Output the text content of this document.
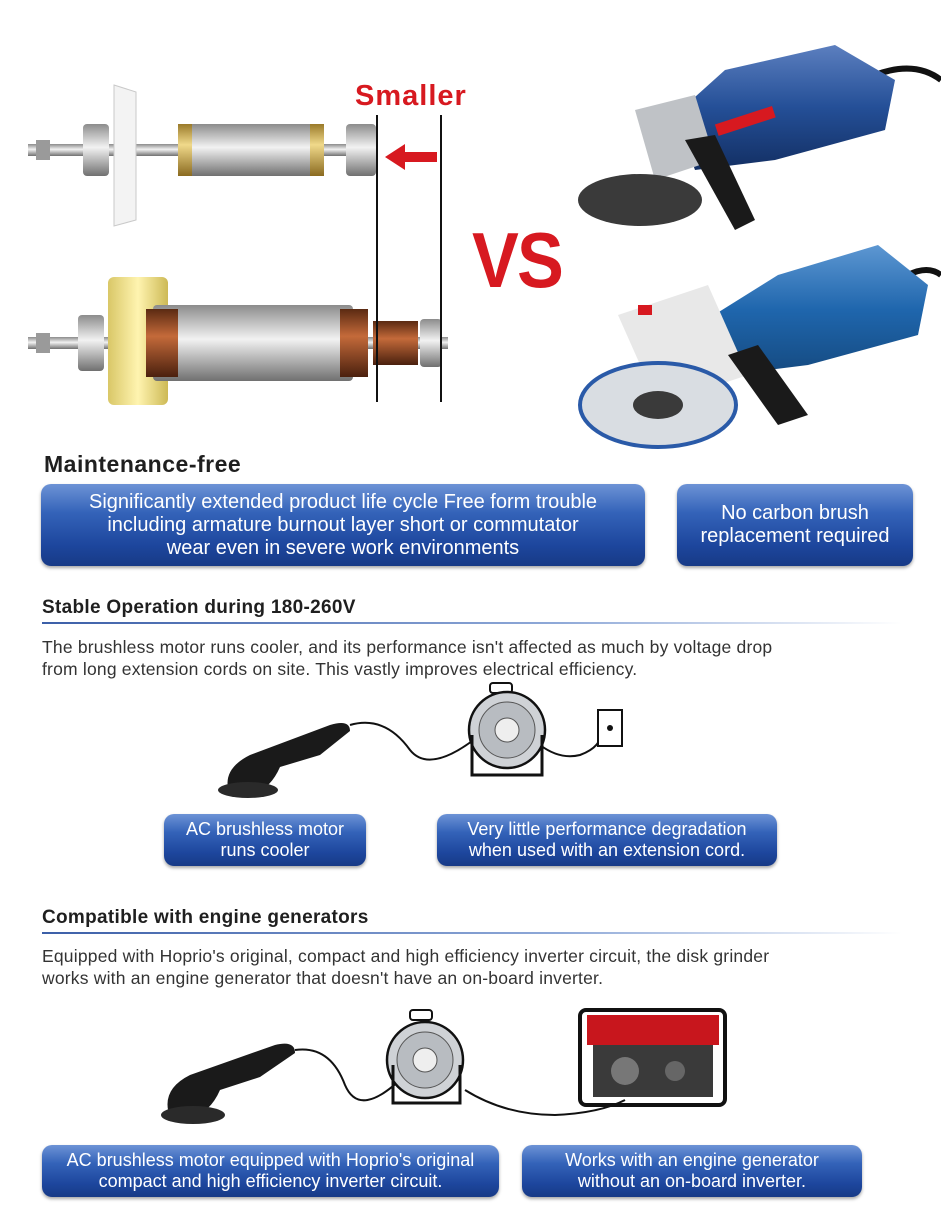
Smaller
VS
Maintenance-free
Significantly extended product life cycle Free form trouble
including armature burnout layer short or commutator
wear even in severe work environments
No carbon brush
replacement required
Stable Operation during 180-260V
The brushless motor runs cooler, and its performance isn't affected as much by voltage drop
from long extension cords on site. This vastly improves electrical efficiency.
AC brushless motor
runs cooler
Very little performance degradation
when used with an extension cord.
Compatible with engine generators
Equipped with Hoprio's original, compact and high efficiency inverter circuit, the disk grinder
works with an engine generator that doesn't have an on-board inverter.
AC brushless motor equipped with Hoprio's original
compact and high efficiency inverter circuit.
Works with an engine generator
without an on-board inverter.
